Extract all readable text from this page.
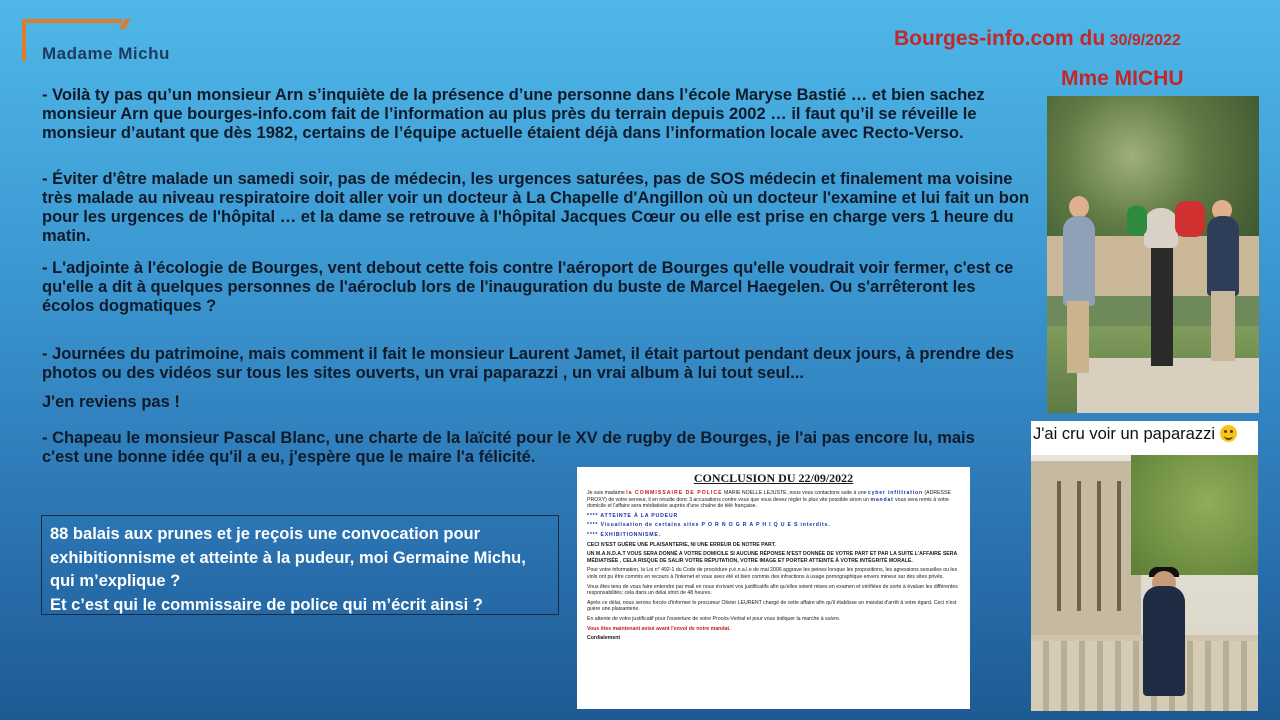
Madame Michu
Bourges-info.com du 30/9/2022
Mme MICHU
- Voilà ty pas qu’un monsieur Arn s’inquiète de la présence d’une personne dans l’école Maryse Bastié … et bien sachez monsieur Arn que bourges-info.com fait de l’information au plus près du terrain depuis 2002 … il faut qu’il se réveille le monsieur d’autant que dès 1982, certains de l’équipe actuelle étaient déjà dans l’information locale avec Recto-Verso.
- Éviter d'être malade un samedi soir, pas de médecin, les urgences saturées, pas de SOS médecin et finalement ma voisine très malade au niveau respiratoire doit aller voir un docteur à La Chapelle d'Angillon où un docteur l'examine et lui fait un bon pour les urgences de l'hôpital … et la dame se retrouve à l'hôpital Jacques Cœur ou elle est prise en charge vers 1 heure du matin.
- L'adjointe à l'écologie de Bourges, vent debout cette fois contre l'aéroport de Bourges qu'elle voudrait voir fermer, c'est ce qu'elle a dit à quelques personnes de l'aéroclub lors de l'inauguration du buste de Marcel Haegelen. Ou s'arrêteront les écolos dogmatiques ?
- Journées du patrimoine, mais comment il fait le monsieur Laurent Jamet, il était partout pendant deux jours, à prendre des photos ou des vidéos sur tous les sites ouverts, un vrai paparazzi , un vrai album à lui tout seul...
J'en reviens pas !
- Chapeau le monsieur Pascal Blanc, une charte de la laïcité pour le XV de rugby de Bourges, je l'ai pas encore lu, mais c'est une bonne idée qu'il a eu, j'espère que le maire l'a félicité.
88 balais aux prunes et je reçois une convocation pour exhibitionnisme et atteinte à la pudeur, moi Germaine Michu, qui m’explique ?
Et c’est qui le commissaire de police qui m’écrit ainsi ?
J'ai cru voir un paparazzi
CONCLUSION DU 22/09/2022
Je suis madame la COMMISSAIRE DE POLICE MARIE NOELLE LEJUSTE ,nous vous contactons suite à une cyber infiltration (ADRESSE PROXY) de votre serveur, il en résulte donc 3 accusations contre vous que vous devez régler le plus vite possible sinon un mandat vous sera remis à votre domicile et l'affaire sera médiatisée auprès d'une chaîne de télé française.
**** ATTEINTE À LA PUDEUR
**** Visualisation de certains sites P O R N O G R A P H I Q U E S interdits.
**** EXHIBITIONNISME.
CECI N'EST GUÈRE UNE PLAISANTERIE, NI UNE ERREUR DE NOTRE PART.
UN M.A.N.D.A.T VOUS SERA DONNÉ A VOTRE DOMICILE SI AUCUNE RÉPONSE N'EST DONNÉE DE VOTRE PART ET PAR LA SUITE L'AFFAIRE SERA MÉDIATISÉE , CELA RISQUE DE SALIR VOTRE RÉPUTATION, VOTRE IMAGE ET PORTER ATTEINTE À VOTRE INTÉGRITÉ MORALE.
Pour votre information, la Loi n° 492-1 du Code de procédure p.é.n.a.l.e de mai 2006 aggrave les peines lorsque les propositions, les agressions sexuelles ou les viols ont pu être commis en recours à l'internet et vous avez été et bien commis des infractions à usage pornographique envers mineur sur des sites privés.
Vous êtes tenu de vous faire entendre par mail en nous écrivant vos justificatifs afin qu'elles soient mises en examen et vérifiées de sorte à évaluer les différentes responsabilités; cela dans un délai strict de 48 heures.
Après ce délai, nous serons forcés d'informer le procureur Olivier LEURENT chargé de cette affaire afin qu'il établisse un mandat d'arrêt à votre égard. Ceci n'est guère une plaisanterie.
En attente de votre justificatif pour l'ouverture de votre Procès-Verbal et pour vous indiquer la marche à suivre.
Vous êtes maintenant avisé avant l'envoi de notre mandat.
Cordialement
